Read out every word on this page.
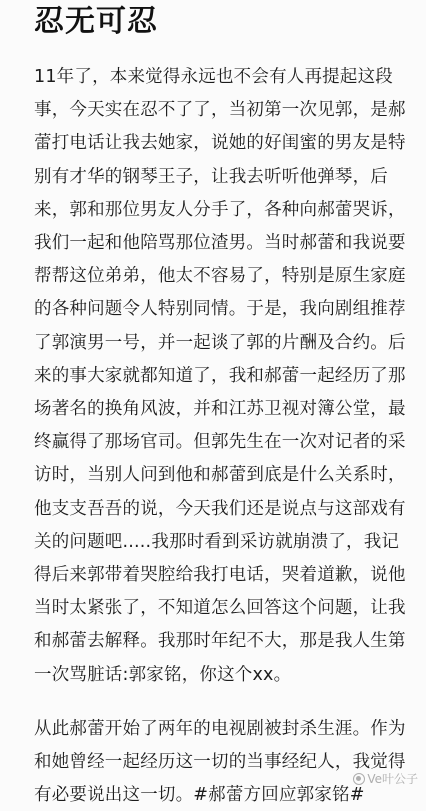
忍无可忍

11年了，本来觉得永远也不会有人再提起这段事，今天实在忍不了了，当初第一次见郭，是郝蕾打电话让我去她家，说她的好闺蜜的男友是特别有才华的钢琴王子，让我去听听他弹琴，后来，郭和那位男友人分手了，各种向郝蕾哭诉，我们一起和他陪骂那位渣男。当时郝蕾和我说要帮帮这位弟弟，他太不容易了，特别是原生家庭的各种问题令人特别同情。于是，我向剧组推荐了郭演男一号，并一起谈了郭的片酬及合约。后来的事大家就都知道了，我和郝蕾一起经历了那场著名的换角风波，并和江苏卫视对簿公堂，最终赢得了那场官司。但郭先生在一次对记者的采访时，当别人问到他和郝蕾到底是什么关系时，他支支吾吾的说，今天我们还是说点与这部戏有关的问题吧.....我那时看到采访就崩溃了，我记得后来郭带着哭腔给我打电话，哭着道歉，说他当时太紧张了，不知道怎么回答这个问题，让我和郝蕾去解释。我那时年纪不大，那是我人生第一次骂脏话:郭家铭，你这个xx。

从此郝蕾开始了两年的电视剧被封杀生涯。作为和她曾经一起经历这一切的当事经纪人，我觉得有必要说出这一切。#郝蕾方回应郭家铭#

Ve叶公子
